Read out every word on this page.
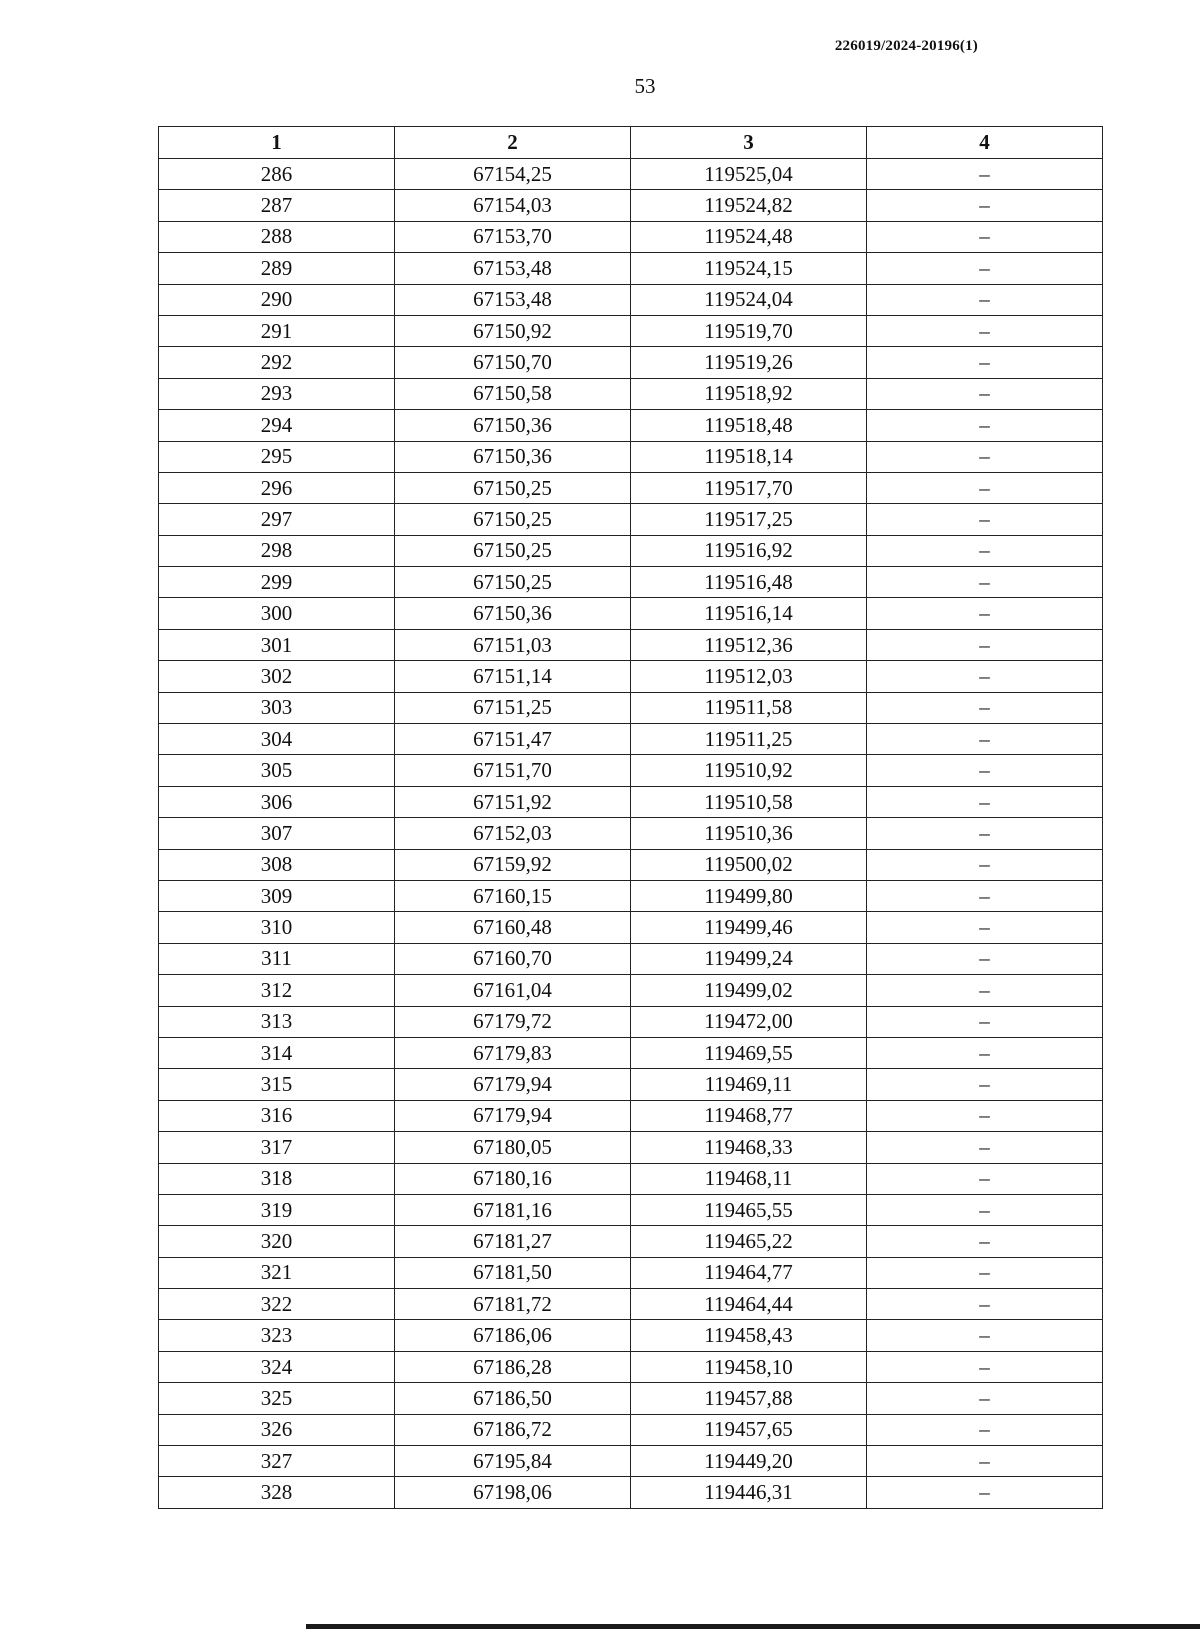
226019/2024-20196(1)
53
1	2	3	4
286	67154,25	119525,04	–
287	67154,03	119524,82	–
288	67153,70	119524,48	–
289	67153,48	119524,15	–
290	67153,48	119524,04	–
291	67150,92	119519,70	–
292	67150,70	119519,26	–
293	67150,58	119518,92	–
294	67150,36	119518,48	–
295	67150,36	119518,14	–
296	67150,25	119517,70	–
297	67150,25	119517,25	–
298	67150,25	119516,92	–
299	67150,25	119516,48	–
300	67150,36	119516,14	–
301	67151,03	119512,36	–
302	67151,14	119512,03	–
303	67151,25	119511,58	–
304	67151,47	119511,25	–
305	67151,70	119510,92	–
306	67151,92	119510,58	–
307	67152,03	119510,36	–
308	67159,92	119500,02	–
309	67160,15	119499,80	–
310	67160,48	119499,46	–
311	67160,70	119499,24	–
312	67161,04	119499,02	–
313	67179,72	119472,00	–
314	67179,83	119469,55	–
315	67179,94	119469,11	–
316	67179,94	119468,77	–
317	67180,05	119468,33	–
318	67180,16	119468,11	–
319	67181,16	119465,55	–
320	67181,27	119465,22	–
321	67181,50	119464,77	–
322	67181,72	119464,44	–
323	67186,06	119458,43	–
324	67186,28	119458,10	–
325	67186,50	119457,88	–
326	67186,72	119457,65	–
327	67195,84	119449,20	–
328	67198,06	119446,31	–
